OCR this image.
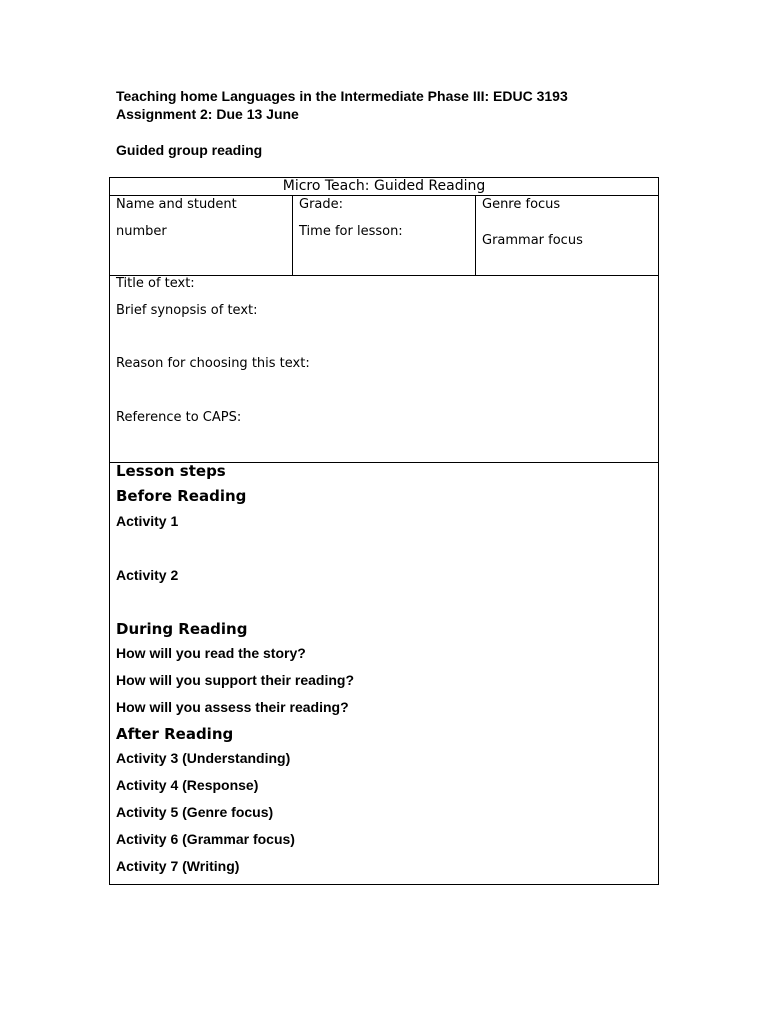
Teaching home Languages in the Intermediate Phase III: EDUC 3193
Assignment 2: Due 13 June
Guided group reading
Micro Teach: Guided Reading
Name and student
number
Grade:
Time for lesson:
Genre focus
Grammar focus
Title of text:
Brief synopsis of text:
Reason for choosing this text:
Reference to CAPS:
Lesson steps
Before Reading
Activity 1
Activity 2
During Reading
How will you read the story?
How will you support their reading?
How will you assess their reading?
After Reading
Activity 3 (Understanding)
Activity 4 (Response)
Activity 5 (Genre focus)
Activity 6 (Grammar focus)
Activity 7 (Writing)
